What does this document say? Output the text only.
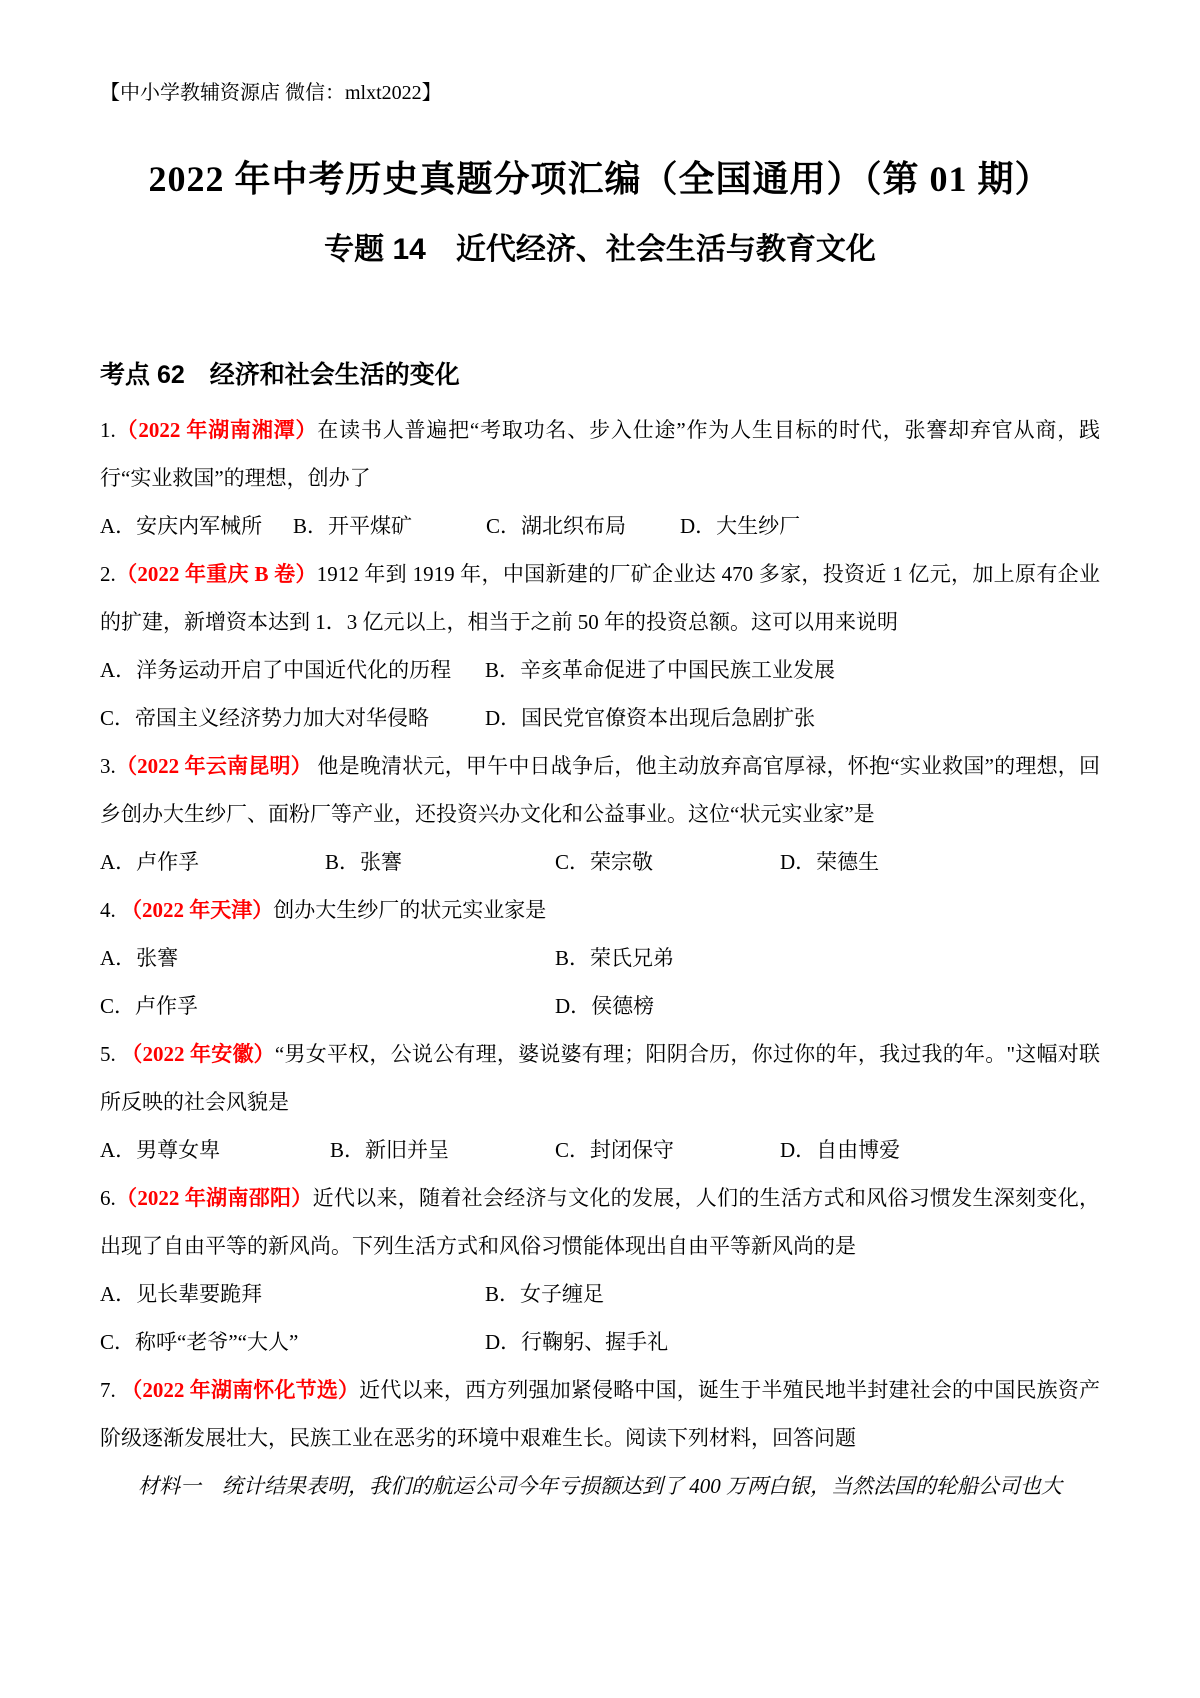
【中小学教辅资源店 微信：mlxt2022】
2022 年中考历史真题分项汇编（全国通用）（第 01 期）
专题 14　近代经济、社会生活与教育文化
考点 62　经济和社会生活的变化

1.（2022 年湖南湘潭）在读书人普遍把“考取功名、步入仕途”作为人生目标的时代，张謇却弃官从商，践行“实业救国”的理想，创办了

A．安庆内军械所	B．开平煤矿	C．湖北织布局	D．大生纱厂

2.（2022 年重庆 B 卷）1912 年到 1919 年，中国新建的厂矿企业达 470 多家，投资近 1 亿元，加上原有企业的扩建，新增资本达到 1．3 亿元以上，相当于之前 50 年的投资总额。这可以用来说明

A．洋务运动开启了中国近代化的历程	B．辛亥革命促进了中国民族工业发展
C．帝国主义经济势力加大对华侵略	D．国民党官僚资本出现后急剧扩张

3.（2022 年云南昆明） 他是晚清状元，甲午中日战争后，他主动放弃高官厚禄，怀抱“实业救国”的理想，回乡创办大生纱厂、面粉厂等产业，还投资兴办文化和公益事业。这位“状元实业家”是

A．卢作孚	B．张謇	C．荣宗敬	D．荣德生

4. （2022 年天津）创办大生纱厂的状元实业家是

A．张謇	B．荣氏兄弟
C．卢作孚	D．侯德榜

5. （2022 年安徽）“男女平权，公说公有理，婆说婆有理；阳阴合历，你过你的年，我过我的年。"这幅对联所反映的社会风貌是

A．男尊女卑	B．新旧并呈	C．封闭保守	D．自由博爱

6.（2022 年湖南邵阳）近代以来，随着社会经济与文化的发展，人们的生活方式和风俗习惯发生深刻变化，出现了自由平等的新风尚。下列生活方式和风俗习惯能体现出自由平等新风尚的是

A．见长辈要跪拜	B．女子缠足
C．称呼“老爷”“大人”	D．行鞠躬、握手礼

7. （2022 年湖南怀化节选）近代以来，西方列强加紧侵略中国，诞生于半殖民地半封建社会的中国民族资产阶级逐渐发展壮大，民族工业在恶劣的环境中艰难生长。阅读下列材料，回答问题

材料一　统计结果表明，我们的航运公司今年亏损额达到了 400 万两白银，当然法国的轮船公司也大
